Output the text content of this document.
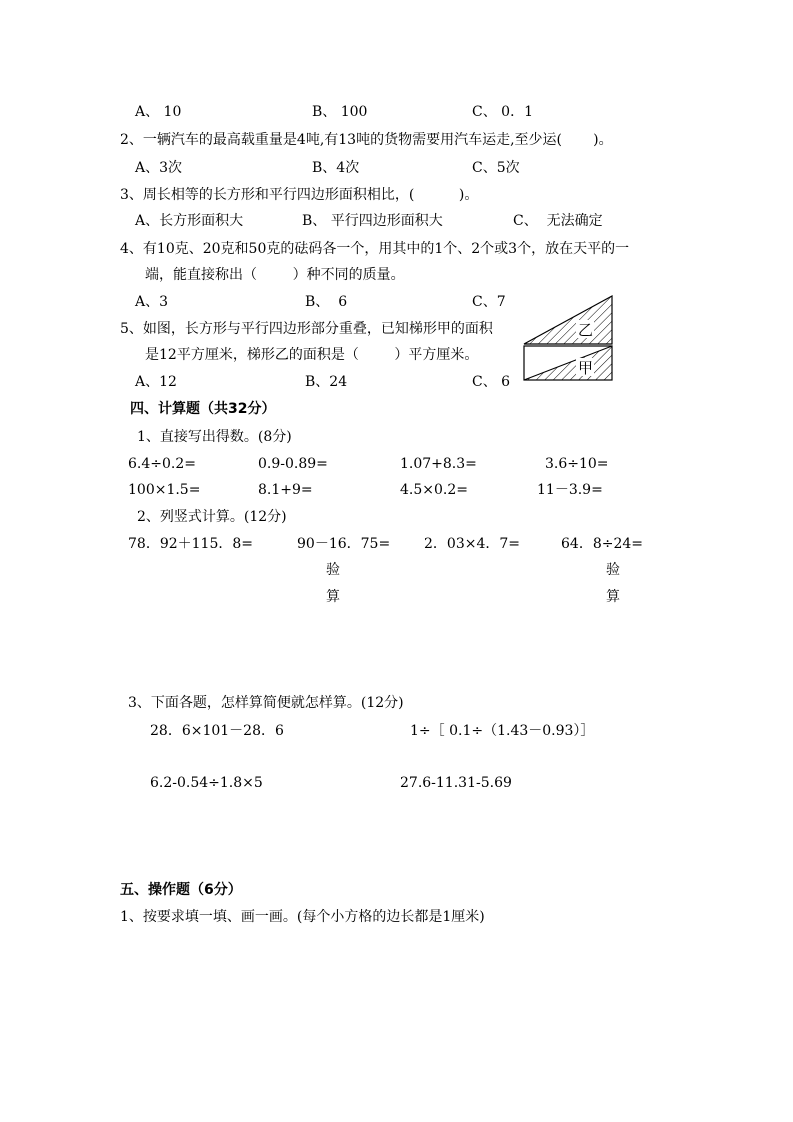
A、 10	B、 100	C、 0．1
2、一辆汽车的最高载重量是4吨,有13吨的货物需要用汽车运走,至少运(       )。
A、3次	B、4次	C、5次
3、周长相等的长方形和平行四边形面积相比，(          )。
A、长方形面积大	B、 平行四边形面积大	C、  无法确定
4、有10克、20克和50克的砝码各一个，用其中的1个、2个或3个，放在天平的一
端，能直接称出（        ）种不同的质量。
A、3	B、  6	C、7
5、如图，长方形与平行四边形部分重叠，已知梯形甲的面积
是12平方厘米，梯形乙的面积是（        ）平方厘米。
A、12	B、24	C、 6
乙
甲
四、计算题（共32分）
1、直接写出得数。(8分)
6.4÷0.2=	0.9-0.89=	1.07+8.3=	3.6÷10=
100×1.5=	8.1+9=	4.5×0.2=	11－3.9=
2、列竖式计算。(12分)
78．92＋115．8=	90－16．75= 2．03×4．7=	64．8÷24=
验
算
验
算
3、下面各题，怎样算简便就怎样算。(12分)
28．6×101－28．6	1÷［ 0.1÷（1.43－0.93）］
6.2-0.54÷1.8×5	27.6-11.31-5.69
五、操作题（6分）
1、按要求填一填、画一画。(每个小方格的边长都是1厘米)
